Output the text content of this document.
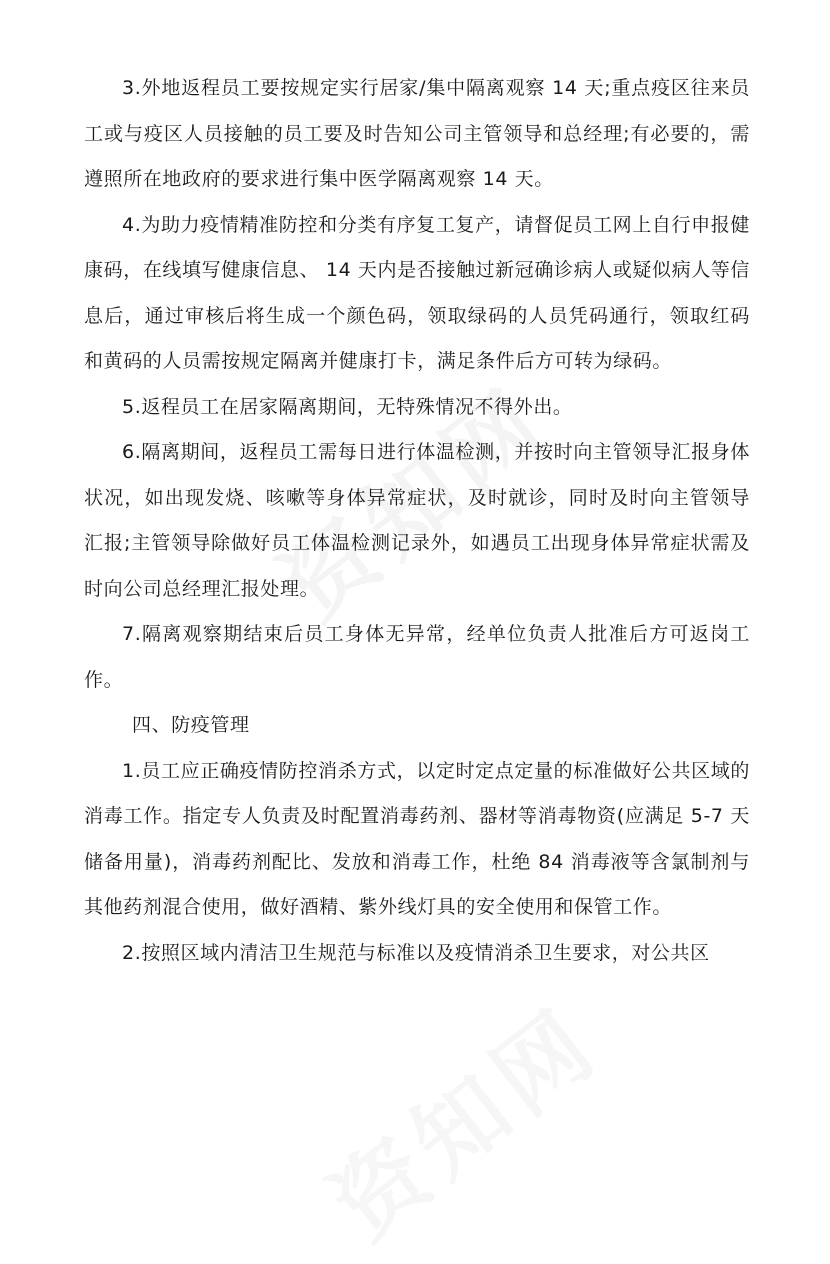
3.外地返程员工要按规定实行居家/集中隔离观察 14 天;重点疫区往来员工或与疫区人员接触的员工要及时告知公司主管领导和总经理;有必要的，需遵照所在地政府的要求进行集中医学隔离观察 14 天。

4.为助力疫情精准防控和分类有序复工复产，请督促员工网上自行申报健康码，在线填写健康信息、 14 天内是否接触过新冠确诊病人或疑似病人等信息后，通过审核后将生成一个颜色码，领取绿码的人员凭码通行，领取红码和黄码的人员需按规定隔离并健康打卡，满足条件后方可转为绿码。

5.返程员工在居家隔离期间，无特殊情况不得外出。

6.隔离期间，返程员工需每日进行体温检测，并按时向主管领导汇报身体状况，如出现发烧、咳嗽等身体异常症状，及时就诊，同时及时向主管领导汇报;主管领导除做好员工体温检测记录外，如遇员工出现身体异常症状需及时向公司总经理汇报处理。

7.隔离观察期结束后员工身体无异常，经单位负责人批准后方可返岗工作。

四、防疫管理

1.员工应正确疫情防控消杀方式，以定时定点定量的标准做好公共区域的消毒工作。指定专人负责及时配置消毒药剂、器材等消毒物资(应满足 5-7 天储备用量)，消毒药剂配比、发放和消毒工作，杜绝 84 消毒液等含氯制剂与其他药剂混合使用，做好酒精、紫外线灯具的安全使用和保管工作。

2.按照区域内清洁卫生规范与标准以及疫情消杀卫生要求，对公共区
